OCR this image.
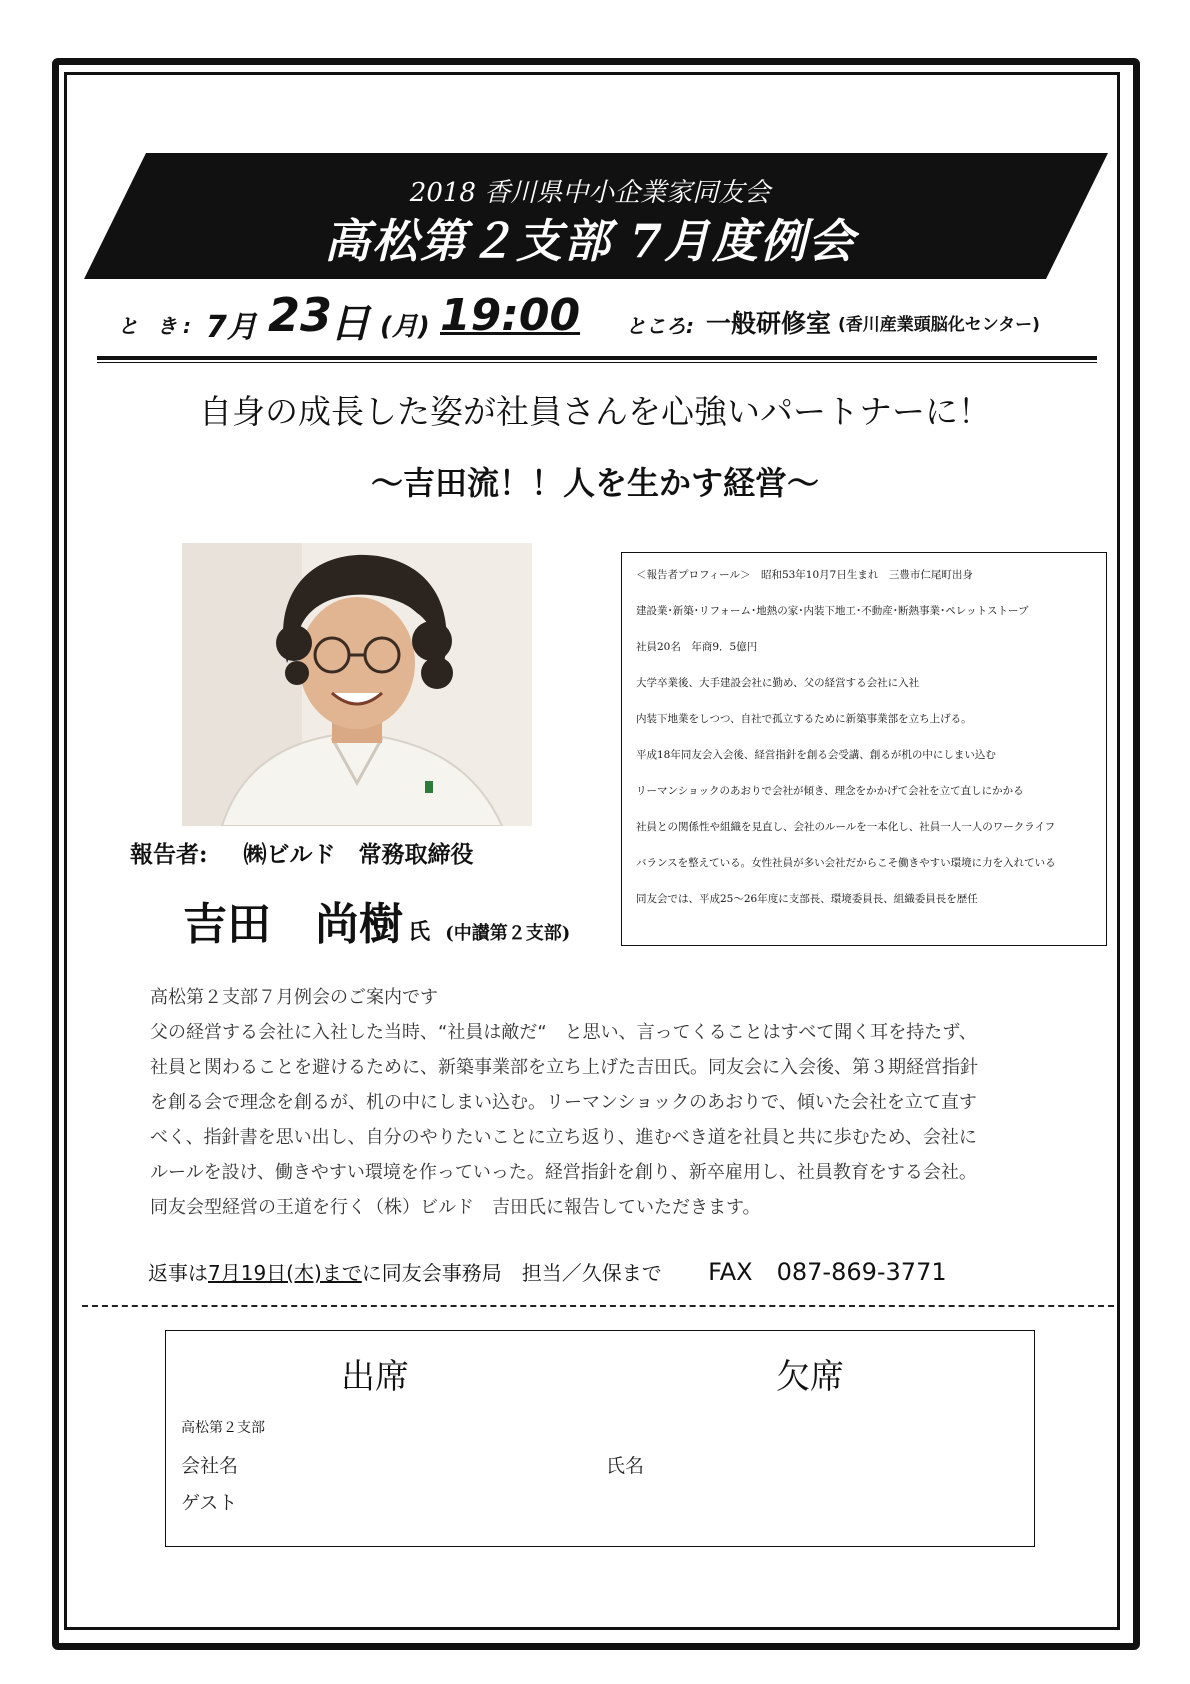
2018 香川県中小企業家同友会
高松第２支部 7月度例会
と き: 7月 23
日 (月) 19:00 ところ: 一般研修室 (香川産業頭脳化センター)
自身の成長した姿が社員さんを心強いパートナーに！
～吉田流！！人を生かす経営～
報告者: ㈱ビルド　常務取締役
吉田　尚樹 氏 (中讃第２支部)

＜報告者プロフィール＞　昭和53年10月7日生まれ　三豊市仁尾町出身

建設業･新築･リフォーム･地熱の家･内装下地工･不動産･断熱事業･ペレットストーブ

社員20名　年商9．5億円

大学卒業後、大手建設会社に勤め、父の経営する会社に入社

内装下地業をしつつ、自社で孤立するために新築事業部を立ち上げる。

平成18年同友会入会後、経営指針を創る会受講、創るが机の中にしまい込む

リーマンショックのあおりで会社が傾き、理念をかかげて会社を立て直しにかかる

社員との関係性や組織を見直し、会社のルールを一本化し、社員一人一人のワークライフ

バランスを整えている。女性社員が多い会社だからこそ働きやすい環境に力を入れている

同友会では、平成25～26年度に支部長、環境委員長、組織委員長を歴任

高松第２支部７月例会のご案内です
父の経営する会社に入社した当時、“社員は敵だ“　と思い、言ってくることはすべて聞く耳を持たず、
社員と関わることを避けるために、新築事業部を立ち上げた吉田氏。同友会に入会後、第３期経営指針
を創る会で理念を創るが、机の中にしまい込む。リーマンショックのあおりで、傾いた会社を立て直す
べく、指針書を思い出し、自分のやりたいことに立ち返り、進むべき道を社員と共に歩むため、会社に
ルールを設け、働きやすい環境を作っていった。経営指針を創り、新卒雇用し、社員教育をする会社。
同友会型経営の王道を行く（株）ビルド　吉田氏に報告していただきます。
返事は7月19日(木)までに同友会事務局　担当／久保まで FAX　087-869-3771
出席	欠席
高松第２支部
会社名	氏名
ゲスト
